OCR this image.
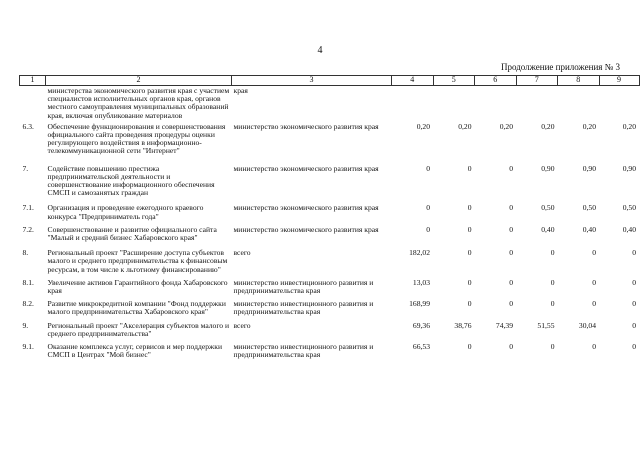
4
Продолжение приложения № 3
1	2	3	4	5	6	7	8	9
	министерства экономического развития края с участием специалистов исполнительных органов края, органов местного самоуправления муниципальных образований края, включая опубликование материалов	края						
6.3.	Обеспечение функционирования и совершенствования официального сайта проведения процедуры оценки регулирующего воздействия в информационно-телекоммуникационной сети "Интернет"	министерство экономического развития края	0,20	0,20	0,20	0,20	0,20	0,20
7.	Содействие повышению престижа предпринимательской деятельности и совершенствование информационного обеспечения СМСП и самозанятых граждан	министерство экономического развития края	0	0	0	0,90	0,90	0,90
7.1.	Организация и проведение ежегодного краевого конкурса "Предприниматель года"	министерство экономического развития края	0	0	0	0,50	0,50	0,50
7.2.	Совершенствование и развитие официального сайта "Малый и средний бизнес Хабаровского края"	министерство экономического развития края	0	0	0	0,40	0,40	0,40
8.	Региональный проект "Расширение доступа субъектов малого и среднего предпринимательства к финансовым ресурсам, в том числе к льготному финансированию"	всего	182,02	0	0	0	0	0
8.1.	Увеличение активов Гарантийного фонда Хабаровского края	министерство инвестиционного развития и предпринимательства края	13,03	0	0	0	0	0
8.2.	Развитие микрокредитной компании "Фонд поддержки малого предпринимательства Хабаровского края"	министерство инвестиционного развития и предпринимательства края	168,99	0	0	0	0	0
9.	Региональный проект "Акселерация субъектов малого и среднего предпринимательства"	всего	69,36	38,76	74,39	51,55	30,04	0
9.1.	Оказание комплекса услуг, сервисов и мер поддержки СМСП в Центрах "Мой бизнес"	министерство инвестиционного развития и предпринимательства края	66,53	0	0	0	0	0
